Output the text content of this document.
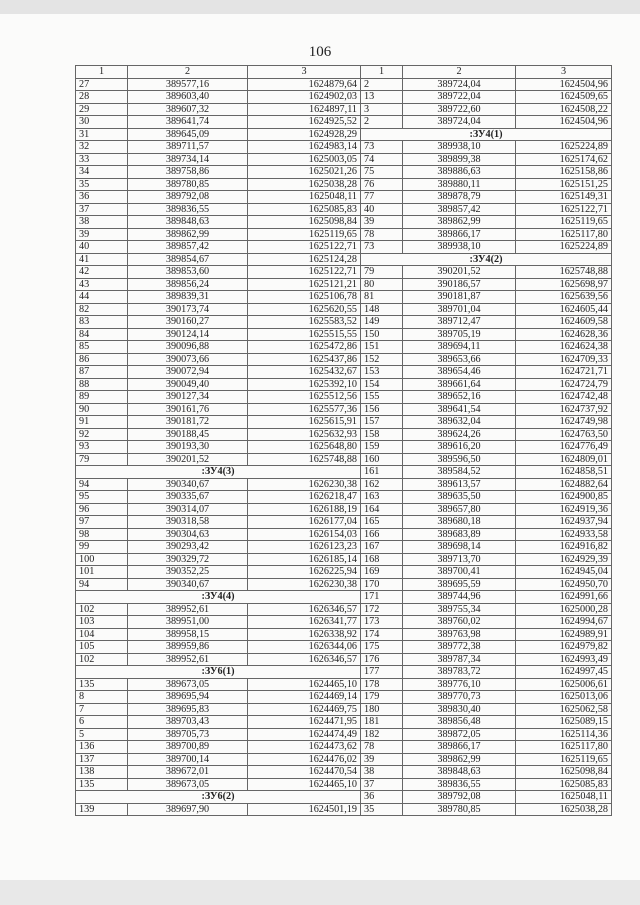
106
1	2	3	1	2	3
27	389577,16	1624879,64	2	389724,04	1624504,96
28	389603,40	1624902,03	13	389722,04	1624509,65
29	389607,32	1624897,11	3	389722,60	1624508,22
30	389641,74	1624925,52	2	389724,04	1624504,96
31	389645,09	1624928,29	:ЗУ4(1)		
32	389711,57	1624983,14	73	389938,10	1625224,89
33	389734,14	1625003,05	74	389899,38	1625174,62
34	389758,86	1625021,26	75	389886,63	1625158,86
35	389780,85	1625038,28	76	389880,11	1625151,25
36	389792,08	1625048,11	77	389878,79	1625149,31
37	389836,55	1625085,83	40	389857,42	1625122,71
38	389848,63	1625098,84	39	389862,99	1625119,65
39	389862,99	1625119,65	78	389866,17	1625117,80
40	389857,42	1625122,71	73	389938,10	1625224,89
41	389854,67	1625124,28	:ЗУ4(2)		
42	389853,60	1625122,71	79	390201,52	1625748,88
43	389856,24	1625121,21	80	390186,57	1625698,97
44	389839,31	1625106,78	81	390181,87	1625639,56
82	390173,74	1625620,55	148	389701,04	1624605,44
83	390160,27	1625583,52	149	389712,47	1624609,58
84	390124,14	1625515,55	150	389705,19	1624628,36
85	390096,88	1625472,86	151	389694,11	1624624,38
86	390073,66	1625437,86	152	389653,66	1624709,33
87	390072,94	1625432,67	153	389654,46	1624721,71
88	390049,40	1625392,10	154	389661,64	1624724,79
89	390127,34	1625512,56	155	389652,16	1624742,48
90	390161,76	1625577,36	156	389641,54	1624737,92
91	390181,72	1625615,91	157	389632,04	1624749,98
92	390188,45	1625632,93	158	389624,26	1624763,50
93	390193,30	1625648,80	159	389616,20	1624776,49
79	390201,52	1625748,88	160	389596,50	1624809,01
:ЗУ4(3)			161	389584,52	1624858,51
94	390340,67	1626230,38	162	389613,57	1624882,64
95	390335,67	1626218,47	163	389635,50	1624900,85
96	390314,07	1626188,19	164	389657,80	1624919,36
97	390318,58	1626177,04	165	389680,18	1624937,94
98	390304,63	1626154,03	166	389683,89	1624933,58
99	390293,42	1626123,23	167	389698,14	1624916,82
100	390329,72	1626185,14	168	389713,70	1624929,39
101	390352,25	1626225,94	169	389700,41	1624945,04
94	390340,67	1626230,38	170	389695,59	1624950,70
:ЗУ4(4)			171	389744,96	1624991,66
102	389952,61	1626346,57	172	389755,34	1625000,28
103	389951,00	1626341,77	173	389760,02	1624994,67
104	389958,15	1626338,92	174	389763,98	1624989,91
105	389959,86	1626344,06	175	389772,38	1624979,82
102	389952,61	1626346,57	176	389787,34	1624993,49
:ЗУ6(1)			177	389783,72	1624997,45
135	389673,05	1624465,10	178	389776,10	1625006,61
8	389695,94	1624469,14	179	389770,73	1625013,06
7	389695,83	1624469,75	180	389830,40	1625062,58
6	389703,43	1624471,95	181	389856,48	1625089,15
5	389705,73	1624474,49	182	389872,05	1625114,36
136	389700,89	1624473,62	78	389866,17	1625117,80
137	389700,14	1624476,02	39	389862,99	1625119,65
138	389672,01	1624470,54	38	389848,63	1625098,84
135	389673,05	1624465,10	37	389836,55	1625085,83
:ЗУ6(2)			36	389792,08	1625048,11
139	389697,90	1624501,19	35	389780,85	1625038,28
